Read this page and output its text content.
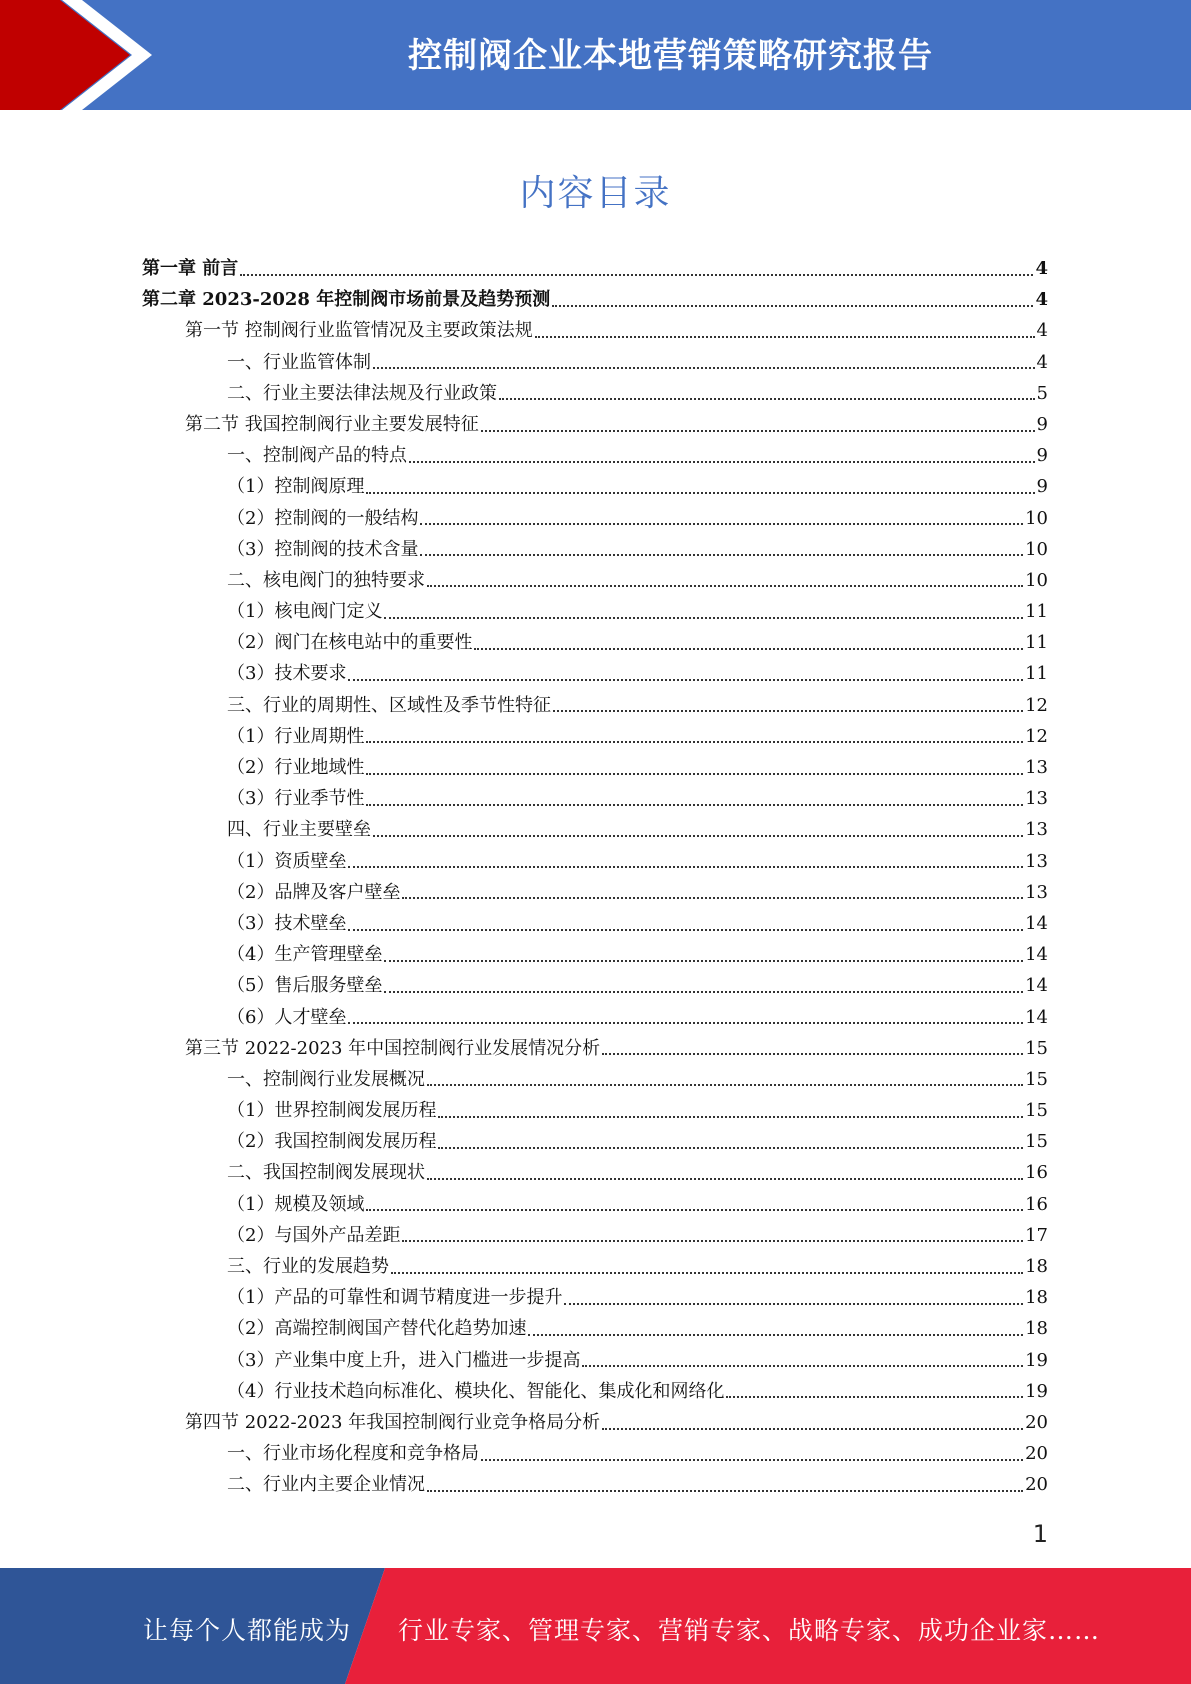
控制阀企业本地营销策略研究报告
内容目录
第一章 前言	4
第二章 2023-2028 年控制阀市场前景及趋势预测	4
第一节 控制阀行业监管情况及主要政策法规	4
一、行业监管体制	4
二、行业主要法律法规及行业政策	5
第二节 我国控制阀行业主要发展特征	9
一、控制阀产品的特点	9
（1）控制阀原理	9
（2）控制阀的一般结构	10
（3）控制阀的技术含量	10
二、核电阀门的独特要求	10
（1）核电阀门定义	11
（2）阀门在核电站中的重要性	11
（3）技术要求	11
三、行业的周期性、区域性及季节性特征	12
（1）行业周期性	12
（2）行业地域性	13
（3）行业季节性	13
四、行业主要壁垒	13
（1）资质壁垒	13
（2）品牌及客户壁垒	13
（3）技术壁垒	14
（4）生产管理壁垒	14
（5）售后服务壁垒	14
（6）人才壁垒	14
第三节 2022-2023 年中国控制阀行业发展情况分析	15
一、控制阀行业发展概况	15
（1）世界控制阀发展历程	15
（2）我国控制阀发展历程	15
二、我国控制阀发展现状	16
（1）规模及领域	16
（2）与国外产品差距	17
三、行业的发展趋势	18
（1）产品的可靠性和调节精度进一步提升	18
（2）高端控制阀国产替代化趋势加速	18
（3）产业集中度上升，进入门槛进一步提高	19
（4）行业技术趋向标准化、模块化、智能化、集成化和网络化	19
第四节 2022-2023 年我国控制阀行业竞争格局分析	20
一、行业市场化程度和竞争格局	20
二、行业内主要企业情况	20
1
让每个人都能成为 行业专家、管理专家、营销专家、战略专家、成功企业家……
